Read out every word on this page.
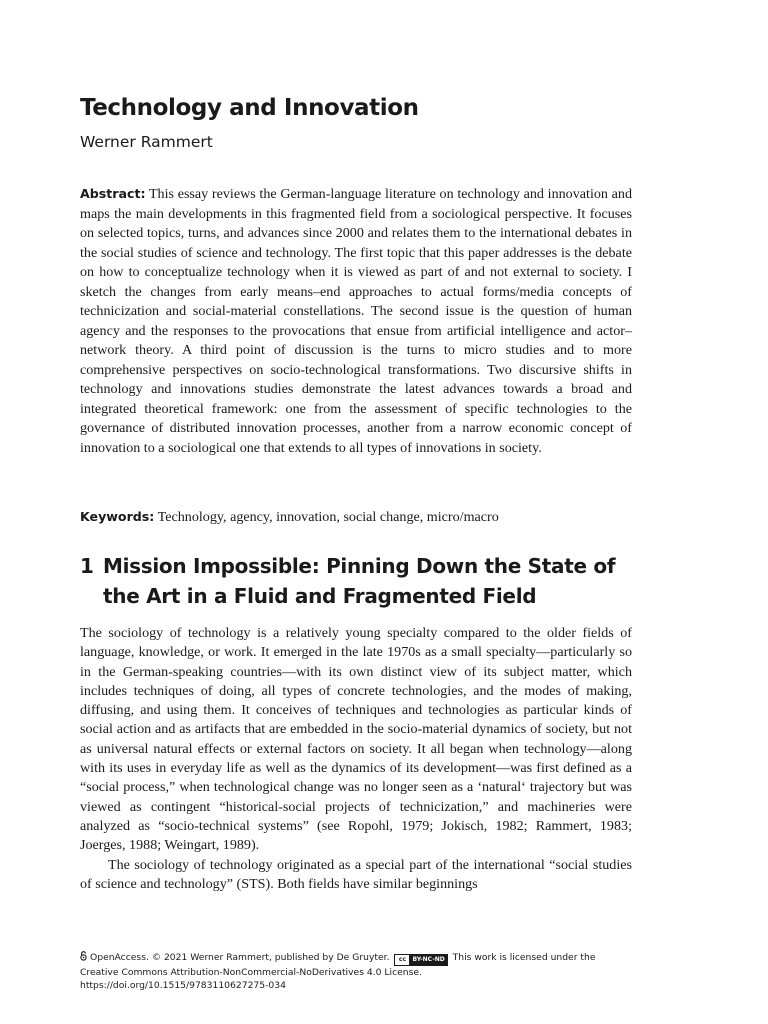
Technology and Innovation
Werner Rammert

Abstract: This essay reviews the German-language literature on technology and innovation and maps the main developments in this fragmented field from a sociological perspective. It focuses on selected topics, turns, and advances since 2000 and relates them to the international debates in the social studies of science and technology. The first topic that this paper addresses is the debate on how to conceptualize technology when it is viewed as part of and not external to society. I sketch the changes from early means–end approaches to actual forms/media concepts of technicization and social-material constellations. The second issue is the question of human agency and the responses to the provocations that ensue from artificial intelligence and actor–network theory. A third point of discussion is the turns to micro studies and to more comprehensive perspectives on socio-technological transformations. Two discursive shifts in technology and innovations studies demonstrate the latest advances towards a broad and integrated theoretical framework: one from the assessment of specific technologies to the governance of distributed innovation processes, another from a narrow economic concept of innovation to a sociological one that extends to all types of innovations in society.

Keywords: Technology, agency, innovation, social change, micro/macro

1 Mission Impossible: Pinning Down the State of the Art in a Fluid and Fragmented Field

The sociology of technology is a relatively young specialty compared to the older fields of language, knowledge, or work. It emerged in the late 1970s as a small specialty—particularly so in the German-speaking countries—with its own distinct view of its subject matter, which includes techniques of doing, all types of concrete technologies, and the modes of making, diffusing, and using them. It conceives of techniques and technologies as particular kinds of social action and as artifacts that are embedded in the socio-material dynamics of society, but not as universal natural effects or external factors on society. It all began when technology—along with its uses in everyday life as well as the dynamics of its development—was first defined as a “social process,” when technological change was no longer seen as a ‘natural‘ trajectory but was viewed as contingent “historical-social projects of technicization,” and machineries were analyzed as “socio-technical systems” (see Ropohl, 1979; Jokisch, 1982; Rammert, 1983; Joerges, 1988; Weingart, 1989).

The sociology of technology originated as a special part of the international “social studies of science and technology” (STS). Both fields have similar beginnings

OpenAccess. © 2021 Werner Rammert, published by De Gruyter.	cc	BY-NC-ND This work is licensed under the
Creative Commons Attribution-NonCommercial-NoDerivatives 4.0 License.
https://doi.org/10.1515/9783110627275-034
